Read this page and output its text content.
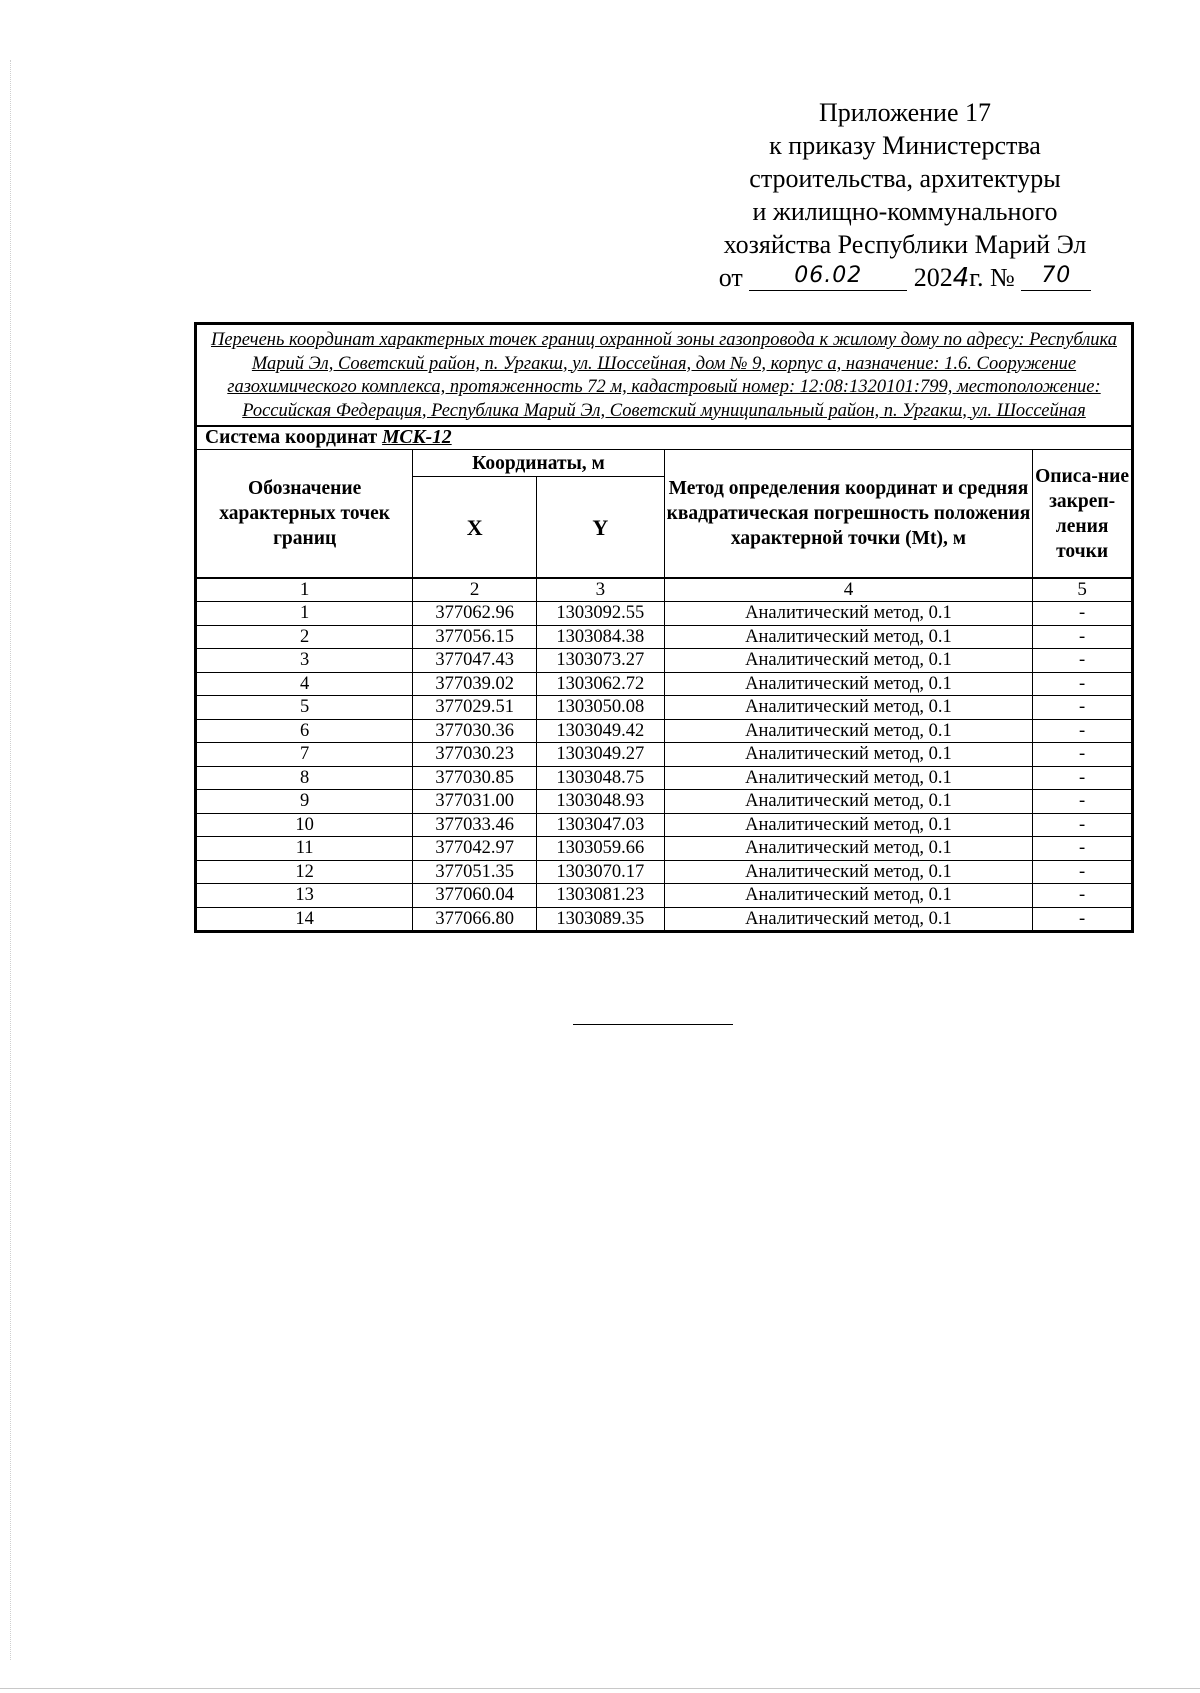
Приложение 17
к приказу Министерства
строительства, архитектуры
и жилищно-коммунального
хозяйства Республики Марий Эл
от 06.02 2024г. № 70
Перечень координат характерных точек границ охранной зоны газопровода к жилому дому по адресу: Республика Марий Эл, Советский район, п. Ургакш, ул. Шоссейная, дом № 9, корпус а, назначение: 1.6. Сооружение газохимического комплекса, протяженность 72 м, кадастровый номер: 12:08:1320101:799, местоположение: Российская Федерация, Республика Марий Эл, Советский муниципальный район, п. Ургакш, ул. Шоссейная				
Система координат МСК-12				
Обозначение характерных точек границ	Координаты, м		Метод определения координат и средняя квадратическая погрешность положения характерной точки (Mt), м	Описа-ние закреп-ления точки
	X	Y		
1	2	3	4	5
1	377062.96	1303092.55	Аналитический метод, 0.1	-
2	377056.15	1303084.38	Аналитический метод, 0.1	-
3	377047.43	1303073.27	Аналитический метод, 0.1	-
4	377039.02	1303062.72	Аналитический метод, 0.1	-
5	377029.51	1303050.08	Аналитический метод, 0.1	-
6	377030.36	1303049.42	Аналитический метод, 0.1	-
7	377030.23	1303049.27	Аналитический метод, 0.1	-
8	377030.85	1303048.75	Аналитический метод, 0.1	-
9	377031.00	1303048.93	Аналитический метод, 0.1	-
10	377033.46	1303047.03	Аналитический метод, 0.1	-
11	377042.97	1303059.66	Аналитический метод, 0.1	-
12	377051.35	1303070.17	Аналитический метод, 0.1	-
13	377060.04	1303081.23	Аналитический метод, 0.1	-
14	377066.80	1303089.35	Аналитический метод, 0.1	-
